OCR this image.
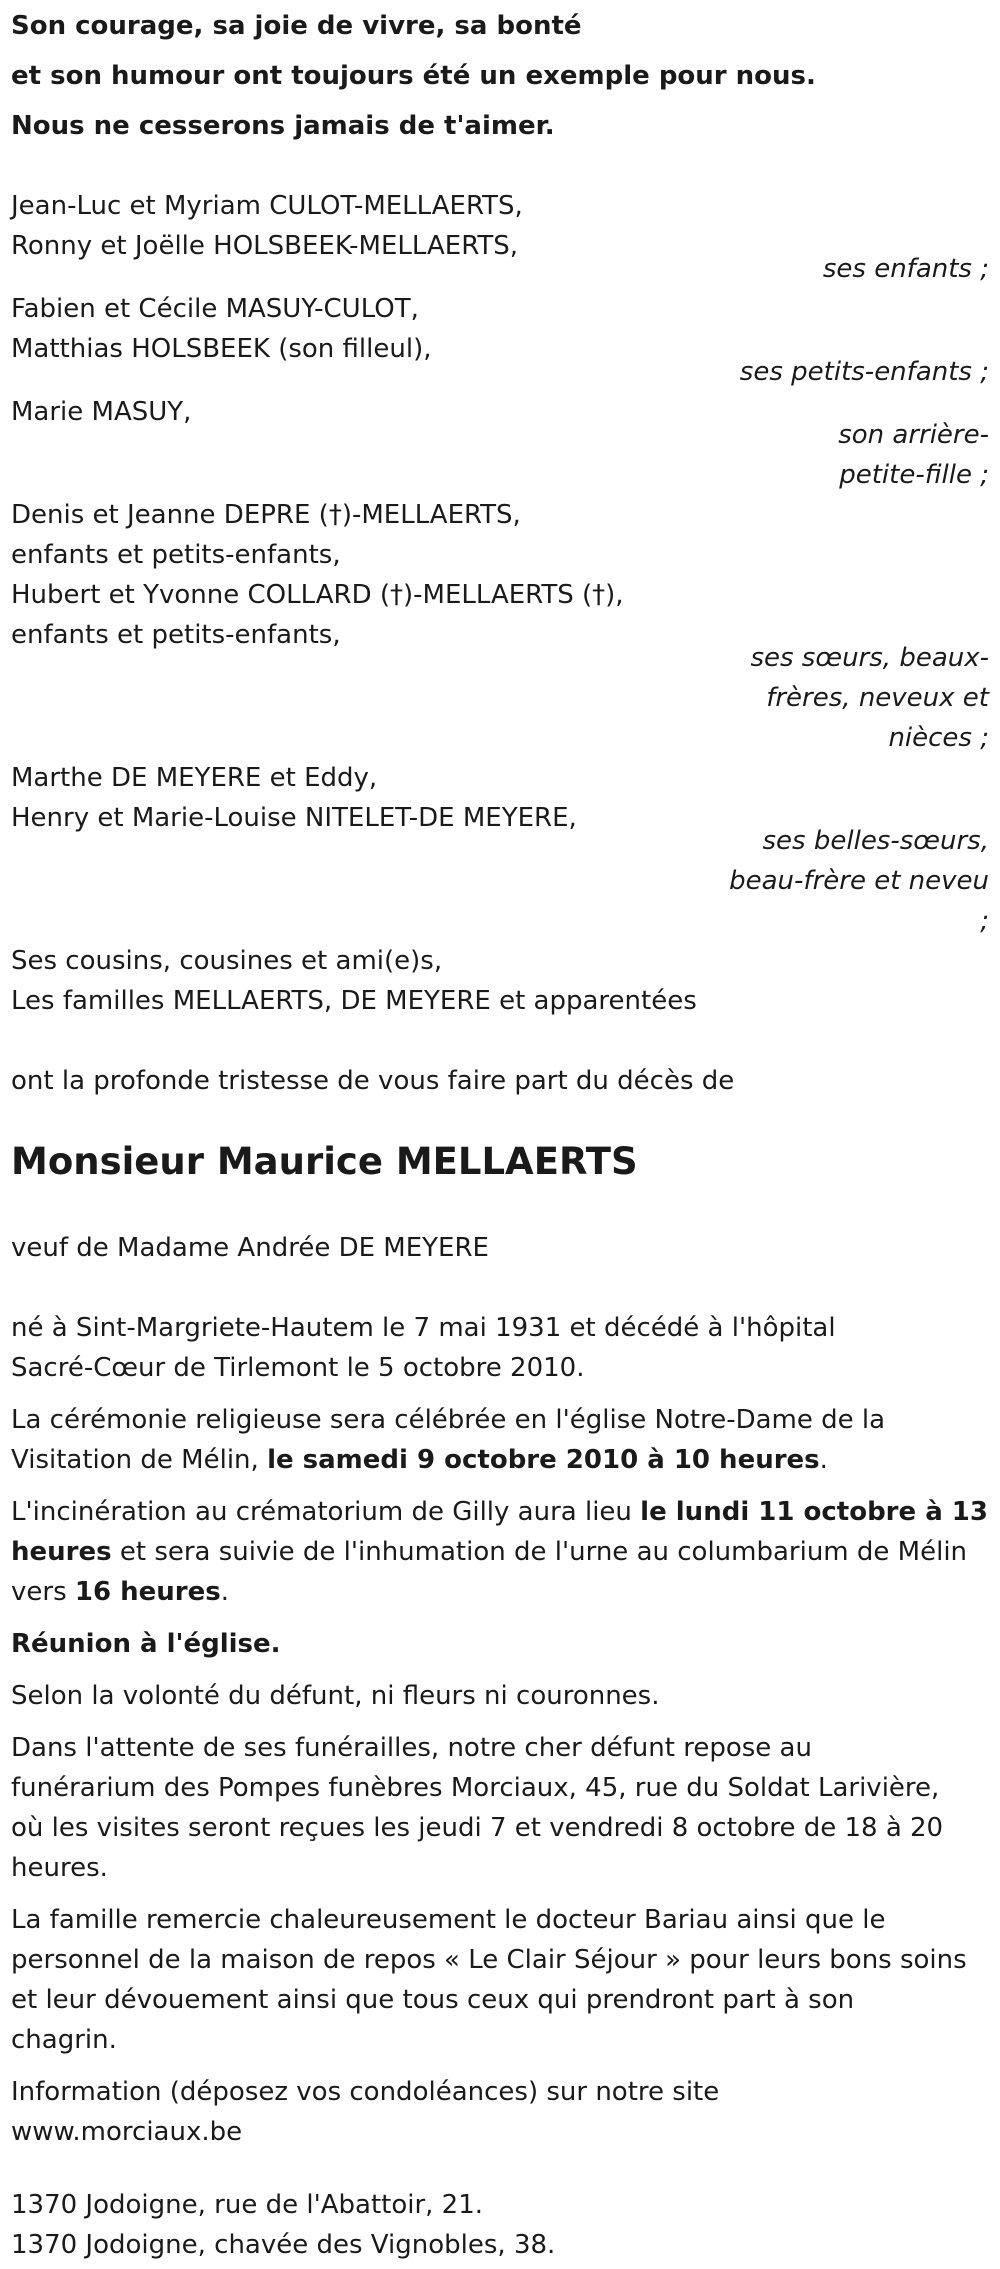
Son courage, sa joie de vivre, sa bonté
et son humour ont toujours été un exemple pour nous.
Nous ne cesserons jamais de t'aimer.
Jean-Luc et Myriam CULOT-MELLAERTS,
Ronny et Joëlle HOLSBEEK-MELLAERTS,
ses enfants ;
Fabien et Cécile MASUY-CULOT,
Matthias HOLSBEEK (son filleul),
ses petits-enfants ;
Marie MASUY,
son arrière-
petite-fille ;
Denis et Jeanne DEPRE (†)-MELLAERTS,
enfants et petits-enfants,
Hubert et Yvonne COLLARD (†)-MELLAERTS (†),
enfants et petits-enfants,
ses sœurs, beaux-
frères, neveux et
nièces ;
Marthe DE MEYERE et Eddy,
Henry et Marie-Louise NITELET-DE MEYERE,
ses belles-sœurs,
beau-frère et neveu
;
Ses cousins, cousines et ami(e)s,
Les familles MELLAERTS, DE MEYERE et apparentées
ont la profonde tristesse de vous faire part du décès de
Monsieur Maurice MELLAERTS
veuf de Madame Andrée DE MEYERE
né à Sint-Margriete-Hautem le 7 mai 1931 et décédé à l'hôpital
Sacré-Cœur de Tirlemont le 5 octobre 2010.
La cérémonie religieuse sera célébrée en l'église Notre-Dame de la
Visitation de Mélin, le samedi 9 octobre 2010 à 10 heures.
L'incinération au crématorium de Gilly aura lieu le lundi 11 octobre à 13
heures et sera suivie de l'inhumation de l'urne au columbarium de Mélin
vers 16 heures.
Réunion à l'église.
Selon la volonté du défunt, ni fleurs ni couronnes.
Dans l'attente de ses funérailles, notre cher défunt repose au
funérarium des Pompes funèbres Morciaux, 45, rue du Soldat Larivière,
où les visites seront reçues les jeudi 7 et vendredi 8 octobre de 18 à 20
heures.
La famille remercie chaleureusement le docteur Bariau ainsi que le
personnel de la maison de repos « Le Clair Séjour » pour leurs bons soins
et leur dévouement ainsi que tous ceux qui prendront part à son
chagrin.
Information (déposez vos condoléances) sur notre site
www.morciaux.be
1370 Jodoigne, rue de l'Abattoir, 21.
1370 Jodoigne, chavée des Vignobles, 38.
